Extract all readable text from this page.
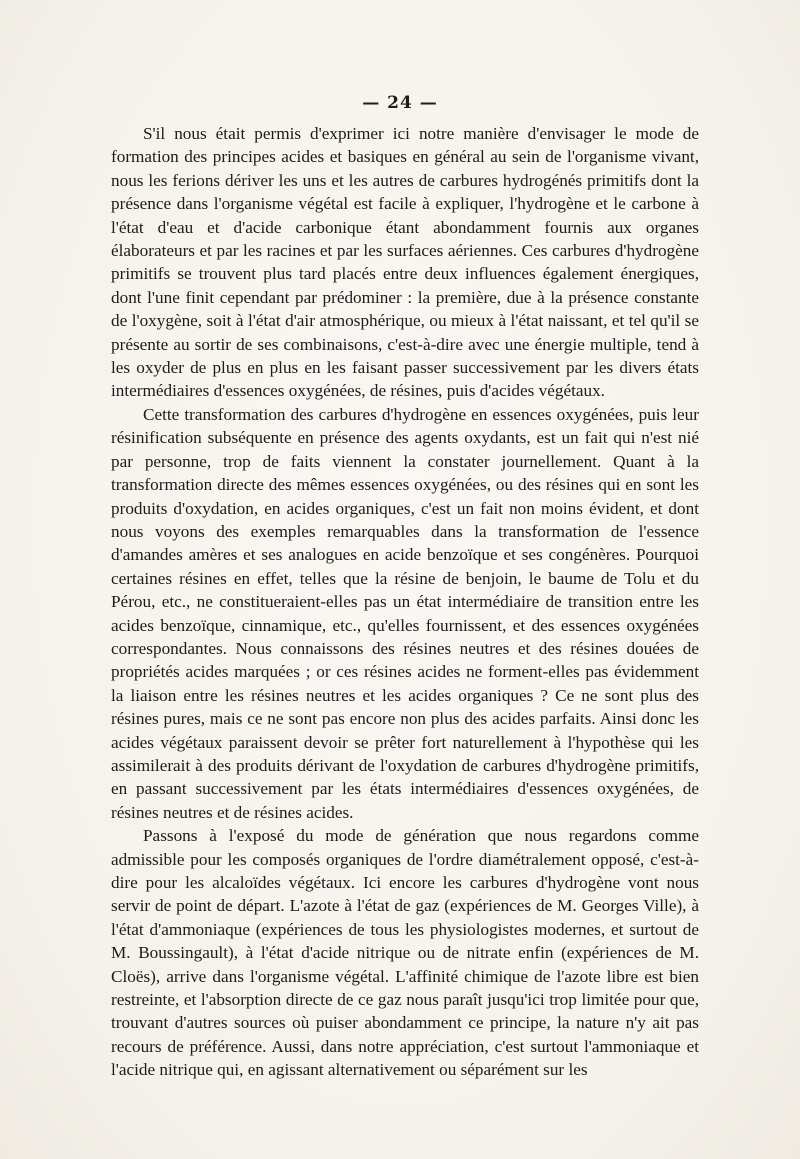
— 24 —

S'il nous était permis d'exprimer ici notre manière d'envisager le mode de formation des principes acides et basiques en général au sein de l'organisme vivant, nous les ferions dériver les uns et les autres de carbures hydrogénés primitifs dont la présence dans l'organisme végétal est facile à expliquer, l'hydrogène et le carbone à l'état d'eau et d'acide carbonique étant abondamment fournis aux organes élaborateurs et par les racines et par les surfaces aériennes. Ces carbures d'hydrogène primitifs se trouvent plus tard placés entre deux influences également énergiques, dont l'une finit cependant par prédominer : la première, due à la présence constante de l'oxygène, soit à l'état d'air atmosphérique, ou mieux à l'état naissant, et tel qu'il se présente au sortir de ses combinaisons, c'est-à-dire avec une énergie multiple, tend à les oxyder de plus en plus en les faisant passer successivement par les divers états intermédiaires d'essences oxygénées, de résines, puis d'acides végétaux.

Cette transformation des carbures d'hydrogène en essences oxygénées, puis leur résinification subséquente en présence des agents oxydants, est un fait qui n'est nié par personne, trop de faits viennent la constater journellement. Quant à la transformation directe des mêmes essences oxygénées, ou des résines qui en sont les produits d'oxydation, en acides organiques, c'est un fait non moins évident, et dont nous voyons des exemples remarquables dans la transformation de l'essence d'amandes amères et ses analogues en acide benzoïque et ses congénères. Pourquoi certaines résines en effet, telles que la résine de benjoin, le baume de Tolu et du Pérou, etc., ne constitueraient-elles pas un état intermédiaire de transition entre les acides benzoïque, cinnamique, etc., qu'elles fournissent, et des essences oxygénées correspondantes. Nous connaissons des résines neutres et des résines douées de propriétés acides marquées ; or ces résines acides ne forment-elles pas évidemment la liaison entre les résines neutres et les acides organiques ? Ce ne sont plus des résines pures, mais ce ne sont pas encore non plus des acides parfaits. Ainsi donc les acides végétaux paraissent devoir se prêter fort naturellement à l'hypothèse qui les assimilerait à des produits dérivant de l'oxydation de carbures d'hydrogène primitifs, en passant successivement par les états intermédiaires d'essences oxygénées, de résines neutres et de résines acides.

Passons à l'exposé du mode de génération que nous regardons comme admissible pour les composés organiques de l'ordre diamétralement opposé, c'est-à-dire pour les alcaloïdes végétaux. Ici encore les carbures d'hydrogène vont nous servir de point de départ. L'azote à l'état de gaz (expériences de M. Georges Ville), à l'état d'ammoniaque (expériences de tous les physiologistes modernes, et surtout de M. Boussingault), à l'état d'acide nitrique ou de nitrate enfin (expériences de M. Cloës), arrive dans l'organisme végétal. L'affinité chimique de l'azote libre est bien restreinte, et l'absorption directe de ce gaz nous paraît jusqu'ici trop limitée pour que, trouvant d'autres sources où puiser abondamment ce principe, la nature n'y ait pas recours de préférence. Aussi, dans notre appréciation, c'est surtout l'ammoniaque et l'acide nitrique qui, en agissant alternativement ou séparément sur les
